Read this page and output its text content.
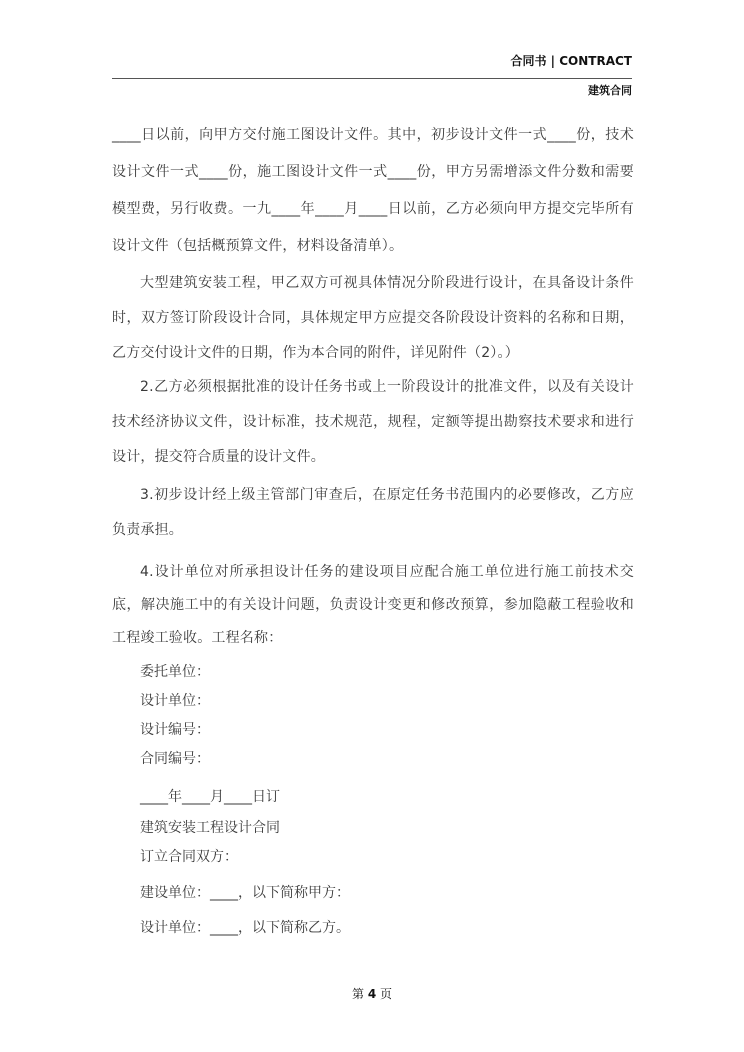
合同书 | CONTRACT
建筑合同

____日以前，向甲方交付施工图设计文件。其中，初步设计文件一式____份，技术设计文件一式____份，施工图设计文件一式____份，甲方另需增添文件分数和需要模型费，另行收费。一九____年____月____日以前，乙方必须向甲方提交完毕所有设计文件（包括概预算文件，材料设备清单）。

大型建筑安装工程，甲乙双方可视具体情况分阶段进行设计，在具备设计条件时，双方签订阶段设计合同，具体规定甲方应提交各阶段设计资料的名称和日期，乙方交付设计文件的日期，作为本合同的附件，详见附件（2）。）

2.乙方必须根据批准的设计任务书或上一阶段设计的批准文件，以及有关设计技术经济协议文件，设计标准，技术规范，规程，定额等提出勘察技术要求和进行设计，提交符合质量的设计文件。

3.初步设计经上级主管部门审查后，在原定任务书范围内的必要修改，乙方应负责承担。

4.设计单位对所承担设计任务的建设项目应配合施工单位进行施工前技术交底，解决施工中的有关设计问题，负责设计变更和修改预算，参加隐蔽工程验收和工程竣工验收。工程名称：

委托单位：

设计单位：

设计编号：

合同编号：

____年____月____日订

建筑安装工程设计合同

订立合同双方：

建设单位：____，以下简称甲方：

设计单位：____，以下简称乙方。

第 4 页
